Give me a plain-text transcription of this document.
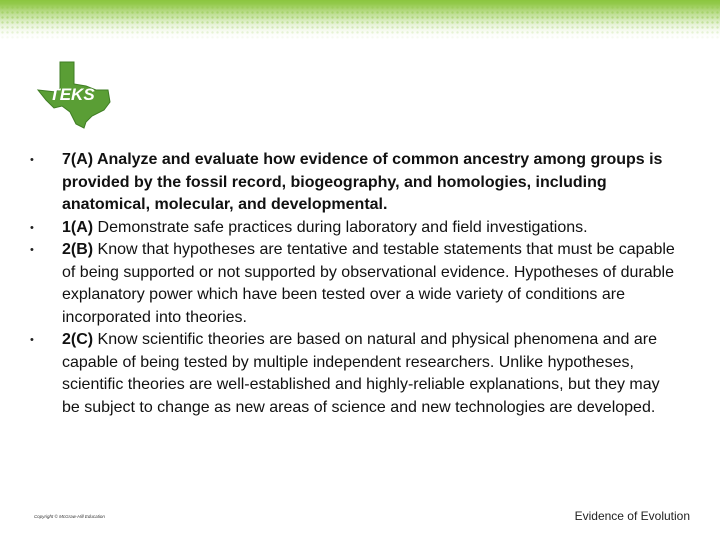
TEKS
•	7(A) Analyze and evaluate how evidence of common ancestry among groups is provided by the fossil record, biogeography, and homologies, including anatomical, molecular, and developmental.
•	1(A) Demonstrate safe practices during laboratory and field investigations.
•	2(B) Know that hypotheses are tentative and testable statements that must be capable of being supported or not supported by observational evidence. Hypotheses of durable explanatory power which have been tested over a wide variety of conditions are incorporated into theories.
•	2(C) Know scientific theories are based on natural and physical phenomena and are capable of being tested by multiple independent researchers. Unlike hypotheses, scientific theories are well-established and highly-reliable explanations, but they may be subject to change as new areas of science and new technologies are developed.
Copyright © McGraw-Hill Education	Evidence of Evolution
